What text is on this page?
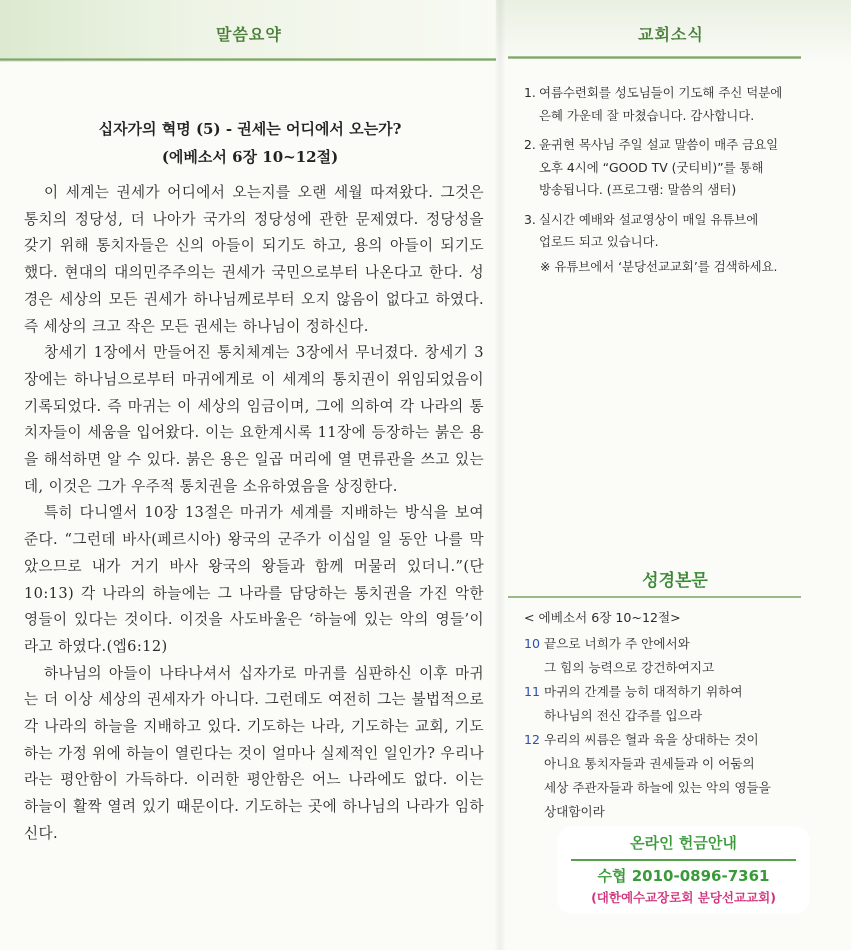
말씀요약	교회소식
십자가의 혁명 (5) - 권세는 어디에서 오는가?
(에베소서 6장 10~12절)

이 세계는 권세가 어디에서 오는지를 오랜 세월 따져왔다. 그것은 통치의 정당성, 더 나아가 국가의 정당성에 관한 문제였다. 정당성을 갖기 위해 통치자들은 신의 아들이 되기도 하고, 용의 아들이 되기도 했다. 현대의 대의민주주의는 권세가 국민으로부터 나온다고 한다. 성경은 세상의 모든 권세가 하나님께로부터 오지 않음이 없다고 하였다. 즉 세상의 크고 작은 모든 권세는 하나님이 정하신다.

창세기 1장에서 만들어진 통치체계는 3장에서 무너졌다. 창세기 3장에는 하나님으로부터 마귀에게로 이 세계의 통치권이 위임되었음이 기록되었다. 즉 마귀는 이 세상의 임금이며, 그에 의하여 각 나라의 통치자들이 세움을 입어왔다. 이는 요한계시록 11장에 등장하는 붉은 용을 해석하면 알 수 있다. 붉은 용은 일곱 머리에 열 면류관을 쓰고 있는데, 이것은 그가 우주적 통치권을 소유하였음을 상징한다.

특히 다니엘서 10장 13절은 마귀가 세계를 지배하는 방식을 보여준다. “그런데 바사(페르시아) 왕국의 군주가 이십일 일 동안 나를 막았으므로 내가 거기 바사 왕국의 왕들과 함께 머물러 있더니.”(단10:13) 각 나라의 하늘에는 그 나라를 담당하는 통치권을 가진 악한 영들이 있다는 것이다. 이것을 사도바울은 ‘하늘에 있는 악의 영들’이라고 하였다.(엡6:12)

하나님의 아들이 나타나셔서 십자가로 마귀를 심판하신 이후 마귀는 더 이상 세상의 권세자가 아니다. 그런데도 여전히 그는 불법적으로 각 나라의 하늘을 지배하고 있다. 기도하는 나라, 기도하는 교회, 기도하는 가정 위에 하늘이 열린다는 것이 얼마나 실제적인 일인가? 우리나라는 평안함이 가득하다. 이러한 평안함은 어느 나라에도 없다. 이는 하늘이 활짝 열려 있기 때문이다. 기도하는 곳에 하나님의 나라가 임하신다.

1. 여름수련회를 성도님들이 기도해 주신 덕분에
은혜 가운데 잘 마쳤습니다. 감사합니다.
2. 윤귀현 목사님 주일 설교 말씀이 매주 금요일
오후 4시에 “GOOD TV (굿티비)”를 통해
방송됩니다. (프로그램: 말씀의 샘터)
3. 실시간 예배와 설교영상이 매일 유튜브에
업로드 되고 있습니다.
※ 유튜브에서 ‘분당선교교회’를 검색하세요.
성경본문
< 에베소서 6장 10~12절>
10 끝으로 너희가 주 안에서와
그 힘의 능력으로 강건하여지고
11 마귀의 간계를 능히 대적하기 위하여
하나님의 전신 갑주를 입으라
12 우리의 씨름은 혈과 육을 상대하는 것이
아니요 통치자들과 권세들과 이 어둠의
세상 주관자들과 하늘에 있는 악의 영들을
상대함이라
온라인 헌금안내
수협 2010-0896-7361
(대한예수교장로회 분당선교교회)
